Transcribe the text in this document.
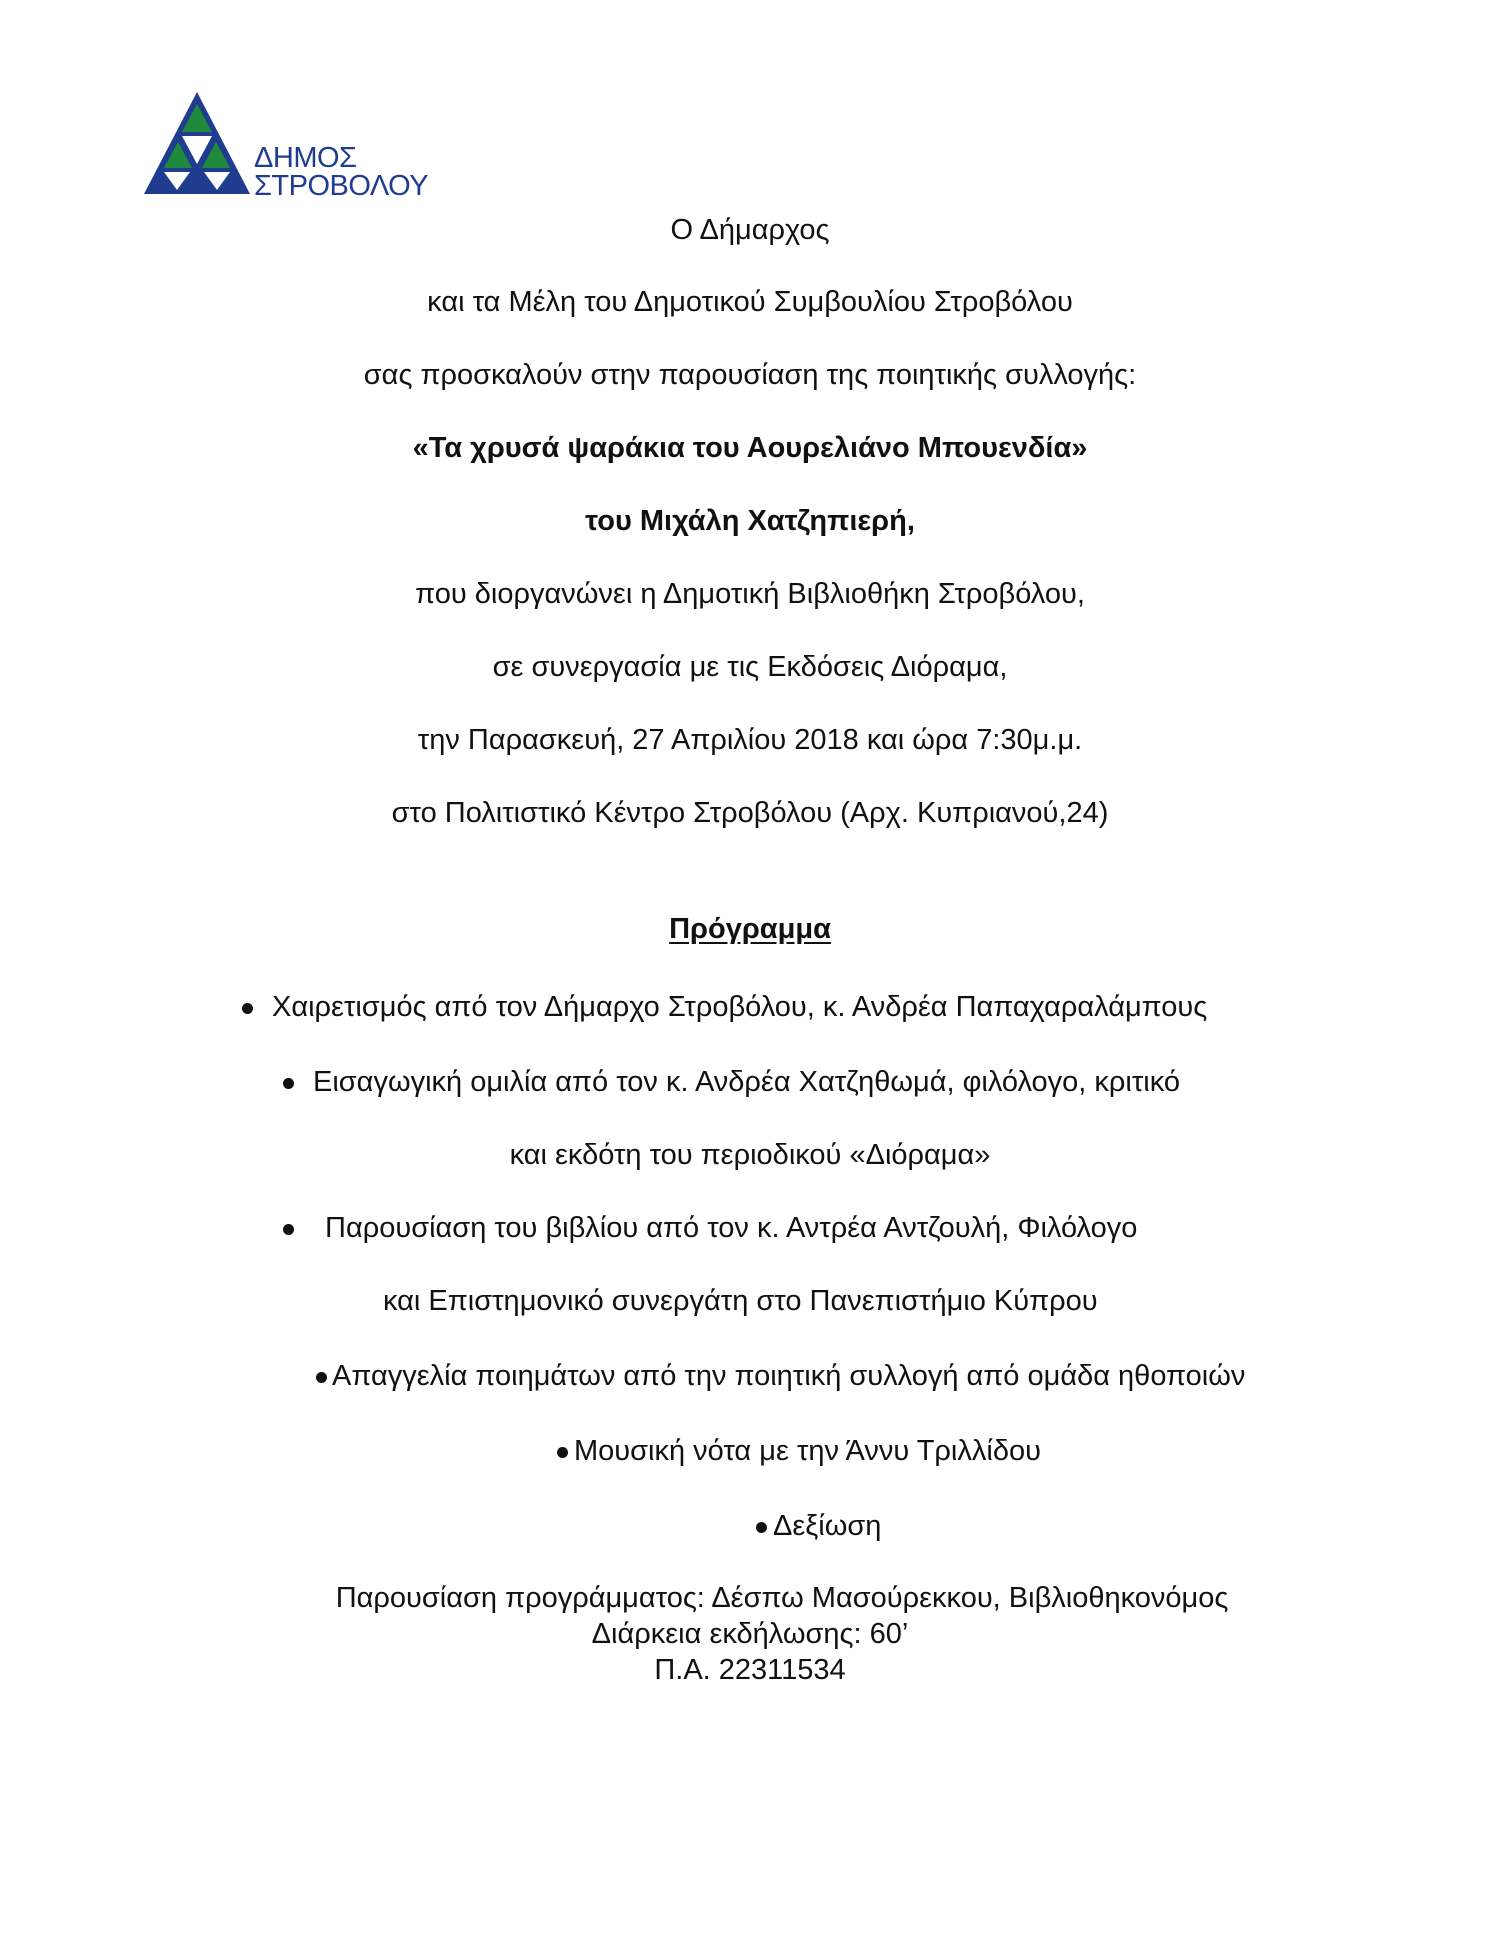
ΔΗΜΟΣ
ΣΤΡΟΒΟΛΟΥ
Ο Δήμαρχος
και τα Μέλη του Δημοτικού Συμβουλίου Στροβόλου
σας προσκαλούν στην παρουσίαση της ποιητικής συλλογής:
«Τα χρυσά ψαράκια του Αουρελιάνο Μπουενδία»
του Μιχάλη Χατζηπιερή,
που διοργανώνει η Δημοτική Βιβλιοθήκη Στροβόλου,
σε συνεργασία με τις Εκδόσεις Διόραμα,
την Παρασκευή, 27 Απριλίου 2018 και ώρα 7:30μ.μ.
στο Πολιτιστικό Κέντρο Στροβόλου (Αρχ. Κυπριανού,24)
Πρόγραμμα
Χαιρετισμός από τον Δήμαρχο Στροβόλου, κ. Ανδρέα Παπαχαραλάμπους
Εισαγωγική ομιλία από τον κ. Ανδρέα Χατζηθωμά, φιλόλογο, κριτικό
και εκδότη του περιοδικού «Διόραμα»
Παρουσίαση του βιβλίου από τον κ. Αντρέα Αντζουλή, Φιλόλογο
και Επιστημονικό συνεργάτη στο Πανεπιστήμιο Κύπρου
Απαγγελία ποιημάτων από την ποιητική συλλογή από ομάδα ηθοποιών
Μουσική νότα με την Άννυ Τριλλίδου
Δεξίωση
Παρουσίαση προγράμματος: Δέσπω Μασούρεκκου, Βιβλιοθηκονόμος
Διάρκεια εκδήλωσης: 60’
Π.Α. 22311534
